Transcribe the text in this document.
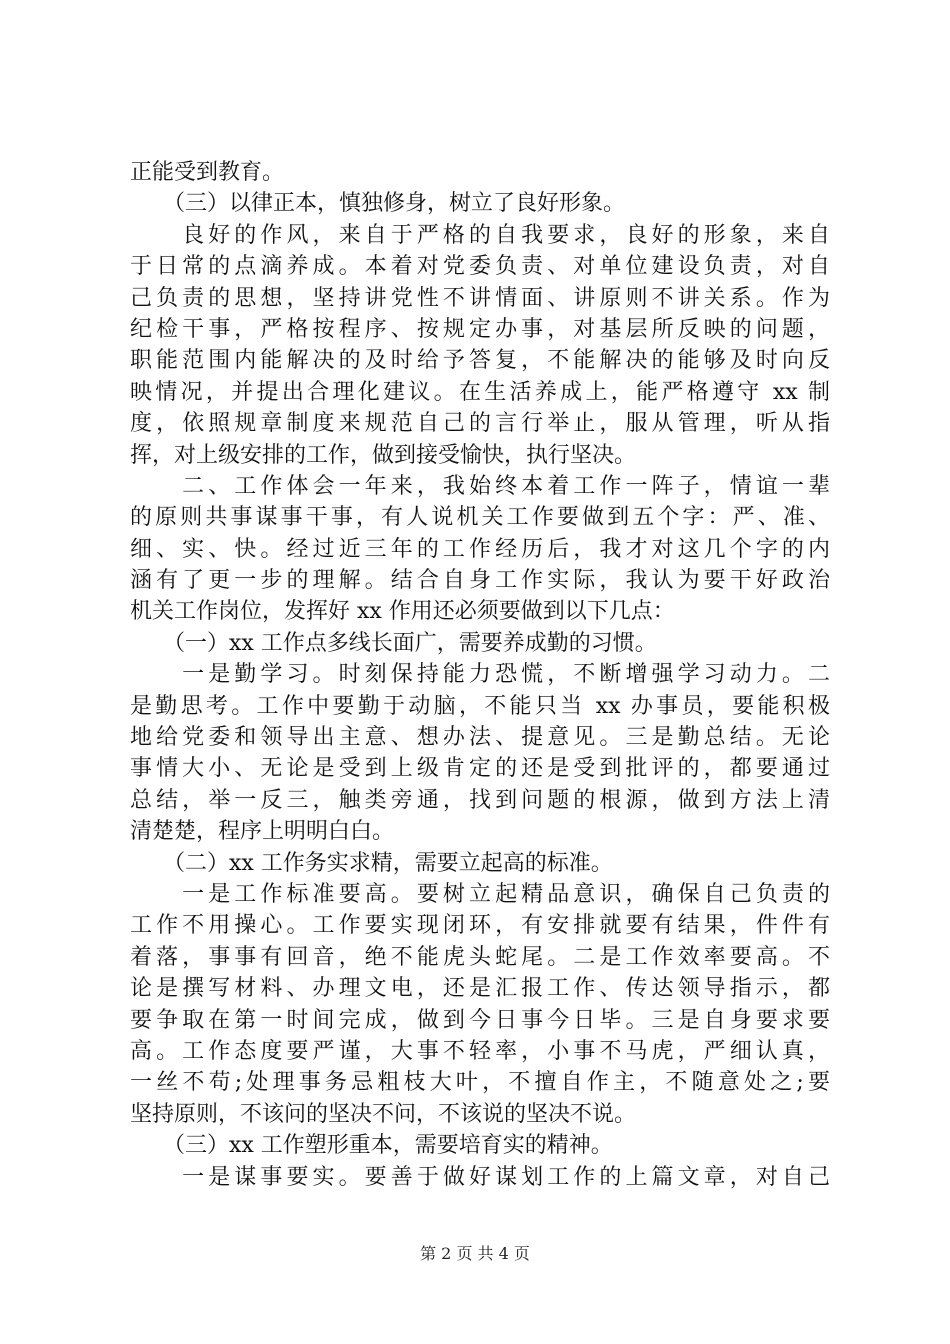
正能受到教育。
　　（三）以律正本，慎独修身，树立了良好形象。
　　良好的作风，来自于严格的自我要求，良好的形象，来自
于日常的点滴养成。本着对党委负责、对单位建设负责，对自
己负责的思想，坚持讲党性不讲情面、讲原则不讲关系。作为
纪检干事，严格按程序、按规定办事，对基层所反映的问题，
职能范围内能解决的及时给予答复，不能解决的能够及时向反
映情况，并提出合理化建议。在生活养成上，能严格遵守 xx 制
度，依照规章制度来规范自己的言行举止，服从管理，听从指
挥，对上级安排的工作，做到接受愉快，执行坚决。
　　二、工作体会一年来，我始终本着工作一阵子，情谊一辈
的原则共事谋事干事，有人说机关工作要做到五个字：严、准、
细、实、快。经过近三年的工作经历后，我才对这几个字的内
涵有了更一步的理解。结合自身工作实际，我认为要干好政治
机关工作岗位，发挥好 xx 作用还必须要做到以下几点：
　　（一）xx 工作点多线长面广，需要养成勤的习惯。
　　一是勤学习。时刻保持能力恐慌，不断增强学习动力。二
是勤思考。工作中要勤于动脑，不能只当 xx 办事员，要能积极
地给党委和领导出主意、想办法、提意见。三是勤总结。无论
事情大小、无论是受到上级肯定的还是受到批评的，都要通过
总结，举一反三，触类旁通，找到问题的根源，做到方法上清
清楚楚，程序上明明白白。
　　（二）xx 工作务实求精，需要立起高的标准。
　　一是工作标准要高。要树立起精品意识，确保自己负责的
工作不用操心。工作要实现闭环，有安排就要有结果，件件有
着落，事事有回音，绝不能虎头蛇尾。二是工作效率要高。不
论是撰写材料、办理文电，还是汇报工作、传达领导指示，都
要争取在第一时间完成，做到今日事今日毕。三是自身要求要
高。工作态度要严谨，大事不轻率，小事不马虎，严细认真，
一丝不苟;处理事务忌粗枝大叶，不擅自作主，不随意处之;要
坚持原则，不该问的坚决不问，不该说的坚决不说。
　　（三）xx 工作塑形重本，需要培育实的精神。
　　一是谋事要实。要善于做好谋划工作的上篇文章，对自己
第 2 页 共 4 页
